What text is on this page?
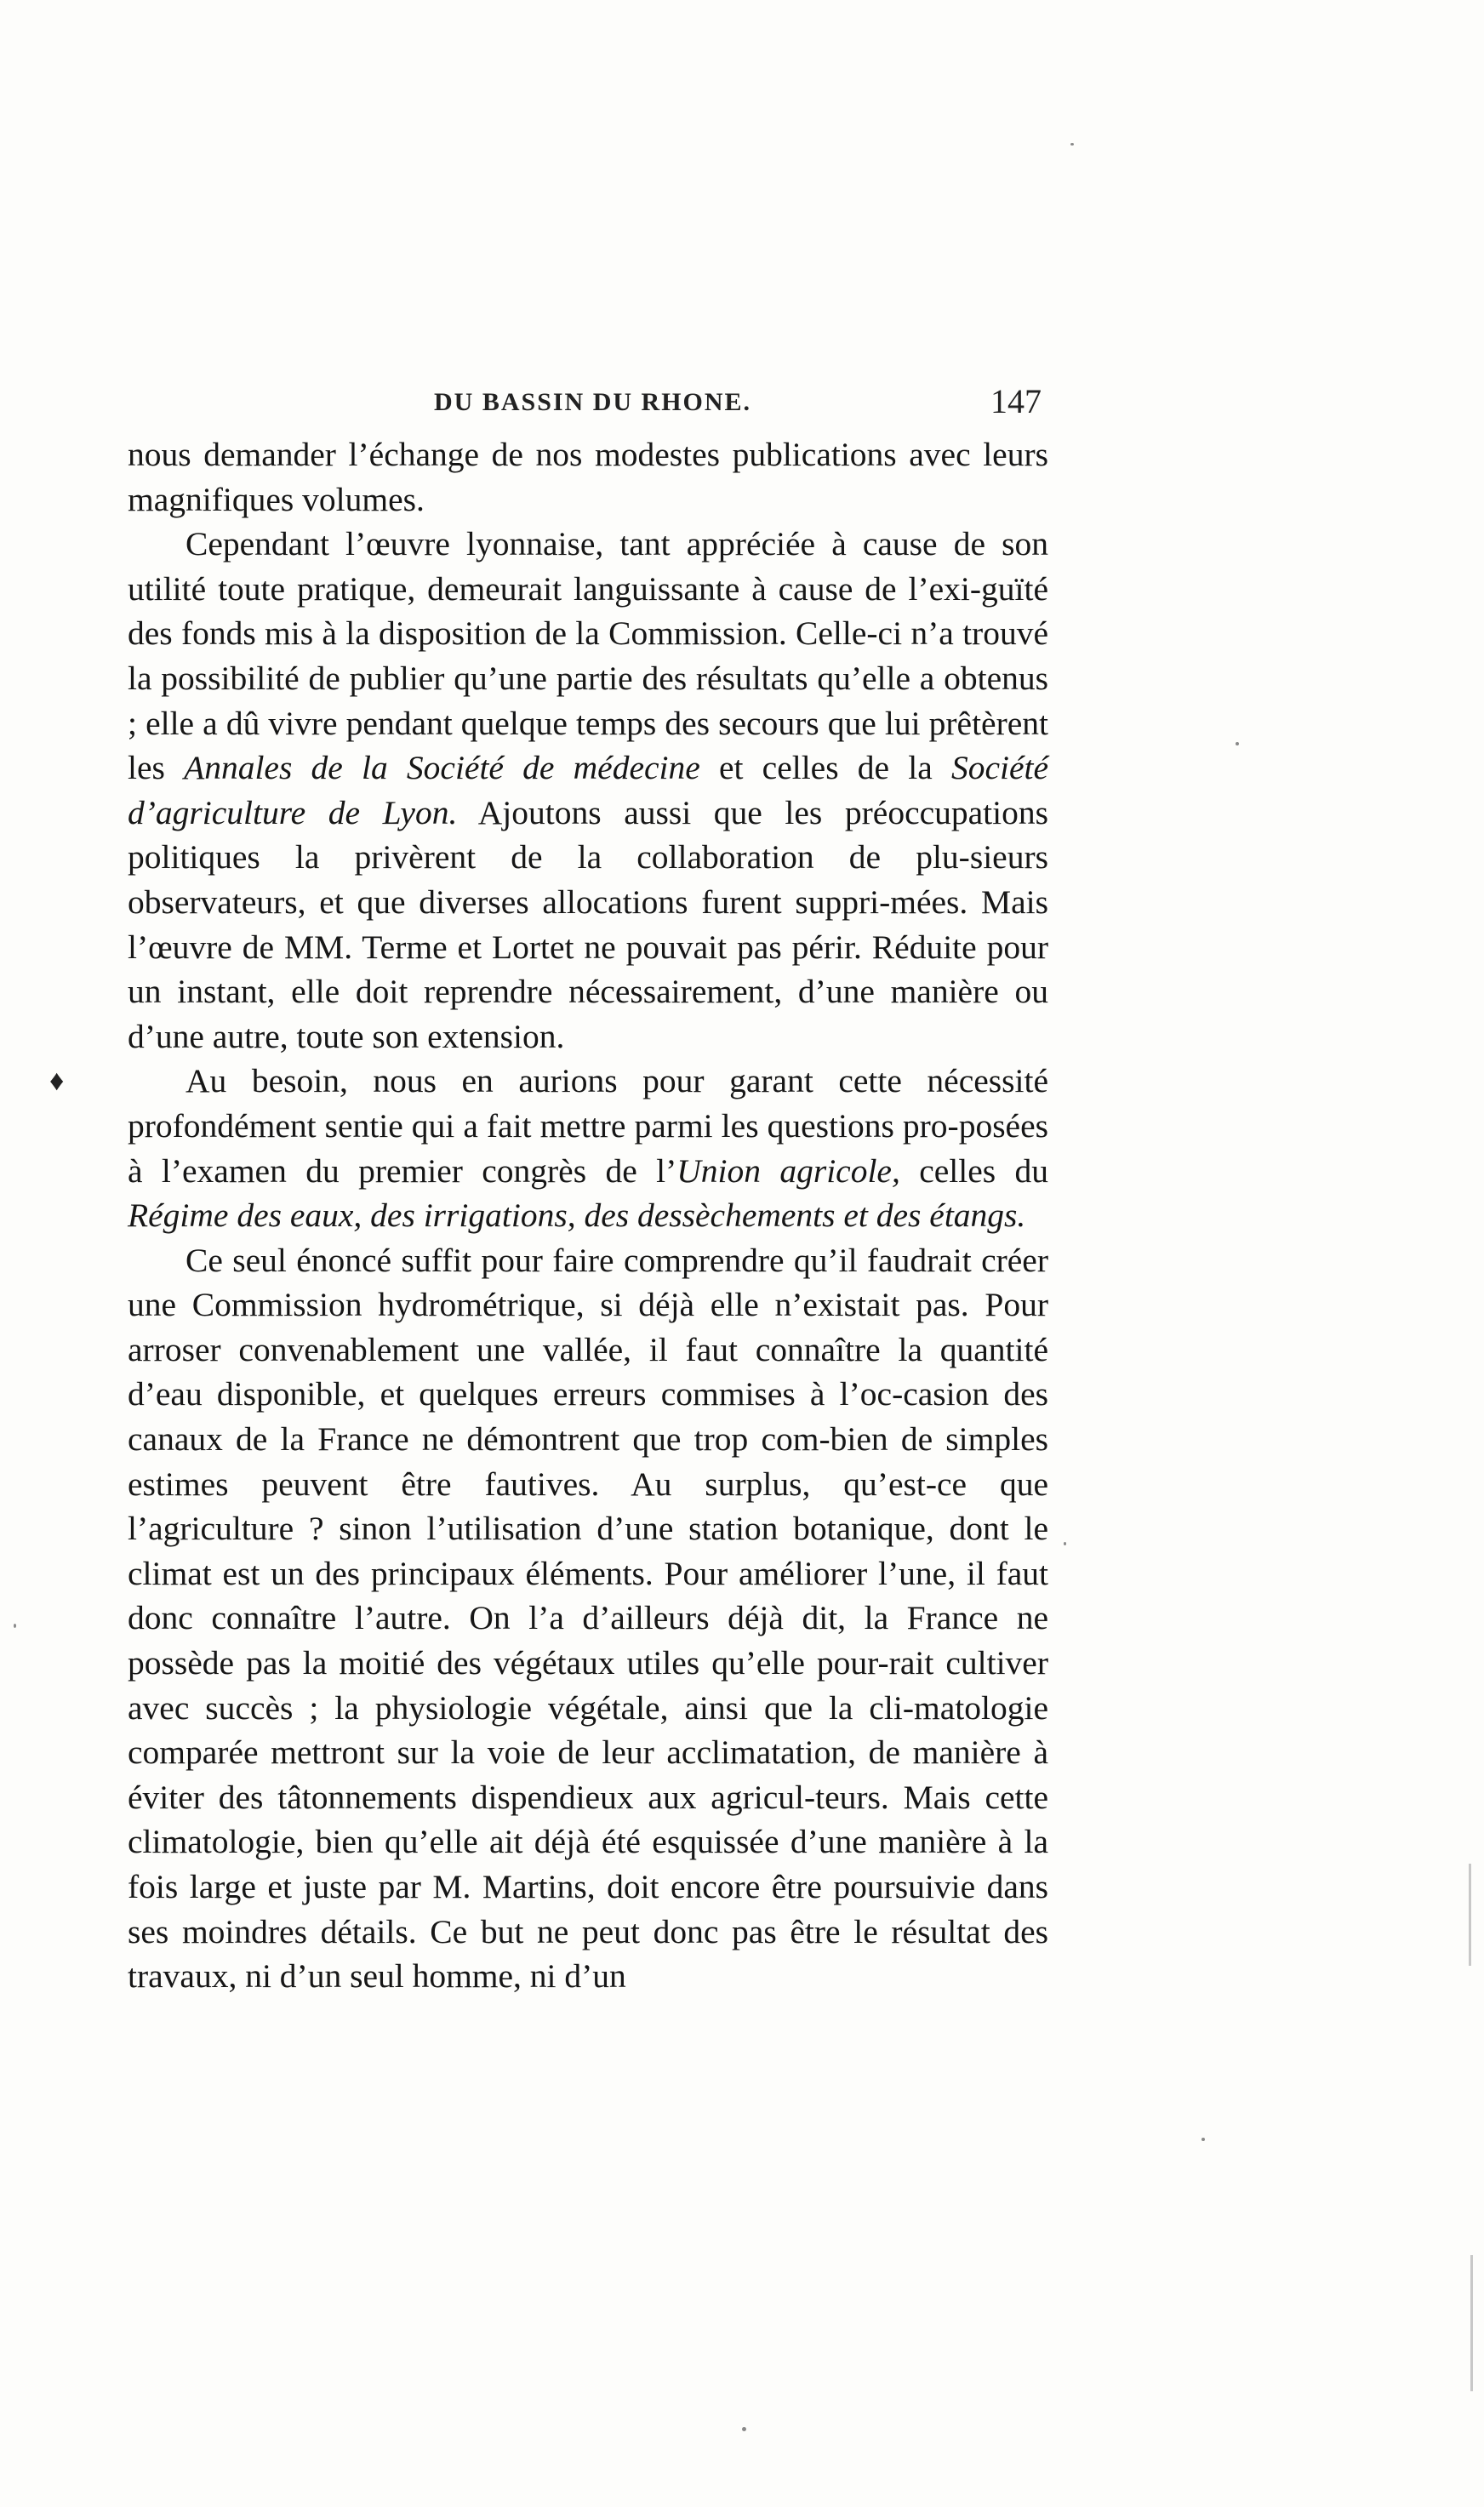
DU BASSIN DU RHONE.	147
♦

nous demander l’échange de nos modestes publications avec leurs magnifiques volumes.

Cependant l’œuvre lyonnaise, tant appréciée à cause de son utilité toute pratique, demeurait languissante à cause de l’exi-guïté des fonds mis à la disposition de la Commission. Celle-ci n’a trouvé la possibilité de publier qu’une partie des résultats qu’elle a obtenus ; elle a dû vivre pendant quelque temps des secours que lui prêtèrent les Annales de la Société de médecine et celles de la Société d’agriculture de Lyon. Ajoutons aussi que les préoccupations politiques la privèrent de la collaboration de plu-sieurs observateurs, et que diverses allocations furent suppri-mées. Mais l’œuvre de MM. Terme et Lortet ne pouvait pas périr. Réduite pour un instant, elle doit reprendre nécessairement, d’une manière ou d’une autre, toute son extension.

Au besoin, nous en aurions pour garant cette nécessité profondément sentie qui a fait mettre parmi les questions pro-posées à l’examen du premier congrès de l’Union agricole, celles du Régime des eaux, des irrigations, des dessèchements et des étangs.

Ce seul énoncé suffit pour faire comprendre qu’il faudrait créer une Commission hydrométrique, si déjà elle n’existait pas. Pour arroser convenablement une vallée, il faut connaître la quantité d’eau disponible, et quelques erreurs commises à l’oc-casion des canaux de la France ne démontrent que trop com-bien de simples estimes peuvent être fautives. Au surplus, qu’est-ce que l’agriculture ? sinon l’utilisation d’une station botanique, dont le climat est un des principaux éléments. Pour améliorer l’une, il faut donc connaître l’autre. On l’a d’ailleurs déjà dit, la France ne possède pas la moitié des végétaux utiles qu’elle pour-rait cultiver avec succès ; la physiologie végétale, ainsi que la cli-matologie comparée mettront sur la voie de leur acclimatation, de manière à éviter des tâtonnements dispendieux aux agricul-teurs. Mais cette climatologie, bien qu’elle ait déjà été esquissée d’une manière à la fois large et juste par M. Martins, doit encore être poursuivie dans ses moindres détails. Ce but ne peut donc pas être le résultat des travaux, ni d’un seul homme, ni d’un
